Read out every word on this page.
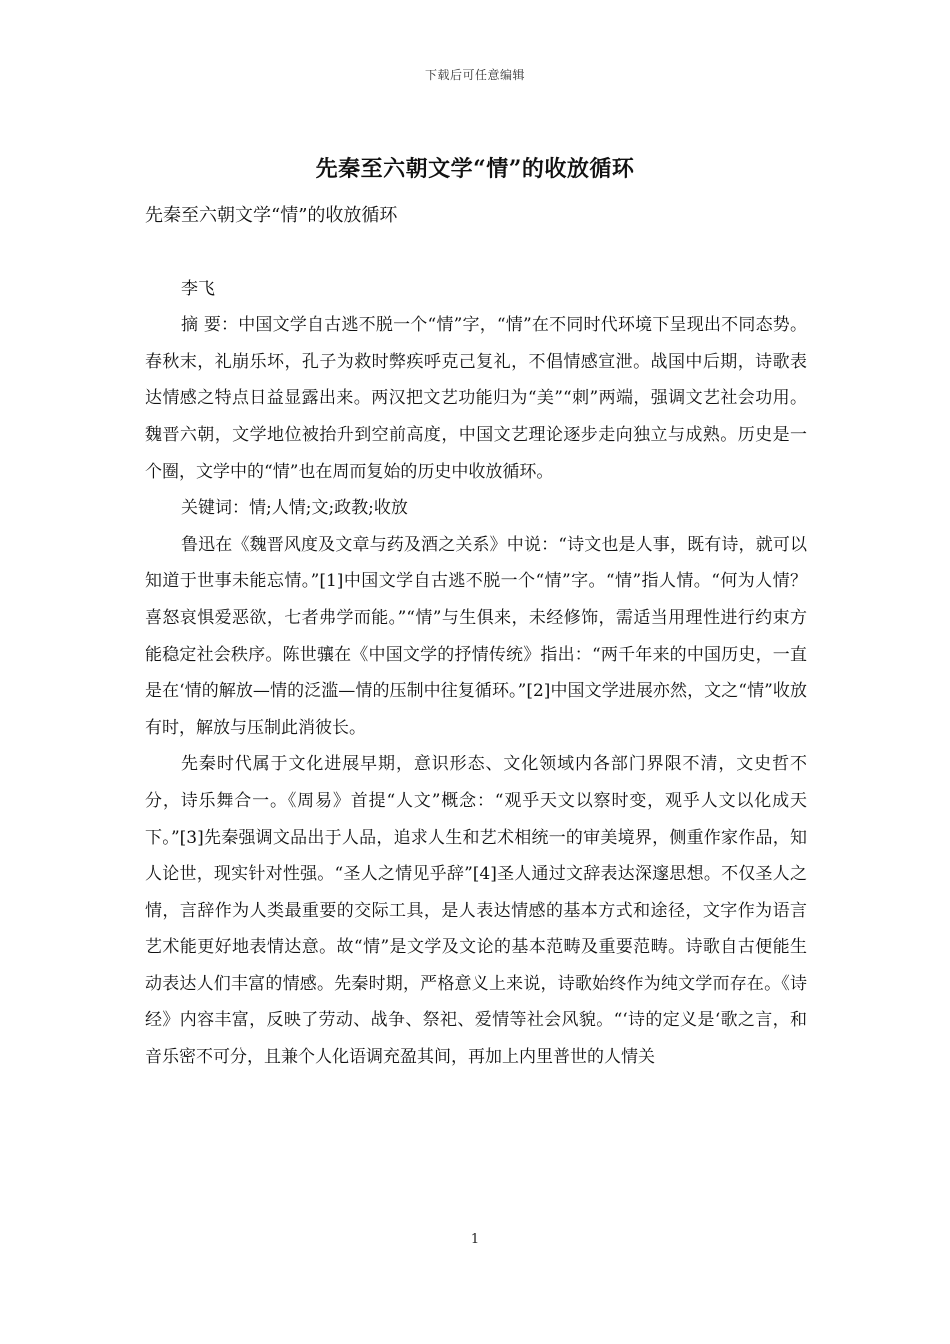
下载后可任意编辑
先秦至六朝文学“情”的收放循环

先秦至六朝文学“情”的收放循环

李飞

摘 要：中国文学自古逃不脱一个“情”字，“情”在不同时代环境下呈现出不同态势。春秋末，礼崩乐坏，孔子为救时弊疾呼克己复礼，不倡情感宣泄。战国中后期，诗歌表达情感之特点日益显露出来。两汉把文艺功能归为“美”“刺”两端，强调文艺社会功用。魏晋六朝，文学地位被抬升到空前高度，中国文艺理论逐步走向独立与成熟。历史是一个圈，文学中的“情”也在周而复始的历史中收放循环。

关键词：情;人情;文;政教;收放

鲁迅在《魏晋风度及文章与药及酒之关系》中说：“诗文也是人事，既有诗，就可以知道于世事未能忘情。”[1]中国文学自古逃不脱一个“情”字。“情”指人情。“何为人情？喜怒哀惧爱恶欲，七者弗学而能。”“情”与生俱来，未经修饰，需适当用理性进行约束方能稳定社会秩序。陈世骧在《中国文学的抒情传统》指出：“两千年来的中国历史，一直是在‘情的解放—情的泛滥—情的压制中往复循环。”[2]中国文学进展亦然，文之“情”收放有时，解放与压制此消彼长。

先秦时代属于文化进展早期，意识形态、文化领域内各部门界限不清，文史哲不分，诗乐舞合一。《周易》首提“人文”概念：“观乎天文以察时变，观乎人文以化成天下。”[3]先秦强调文品出于人品，追求人生和艺术相统一的审美境界，侧重作家作品，知人论世，现实针对性强。“圣人之情见乎辞”[4]圣人通过文辞表达深邃思想。不仅圣人之情，言辞作为人类最重要的交际工具，是人表达情感的基本方式和途径，文字作为语言艺术能更好地表情达意。故“情”是文学及文论的基本范畴及重要范畴。诗歌自古便能生动表达人们丰富的情感。先秦时期，严格意义上来说，诗歌始终作为纯文学而存在。《诗经》内容丰富，反映了劳动、战争、祭祀、爱情等社会风貌。“‘诗的定义是‘歌之言，和音乐密不可分，且兼个人化语调充盈其间，再加上内里普世的人情关

1
